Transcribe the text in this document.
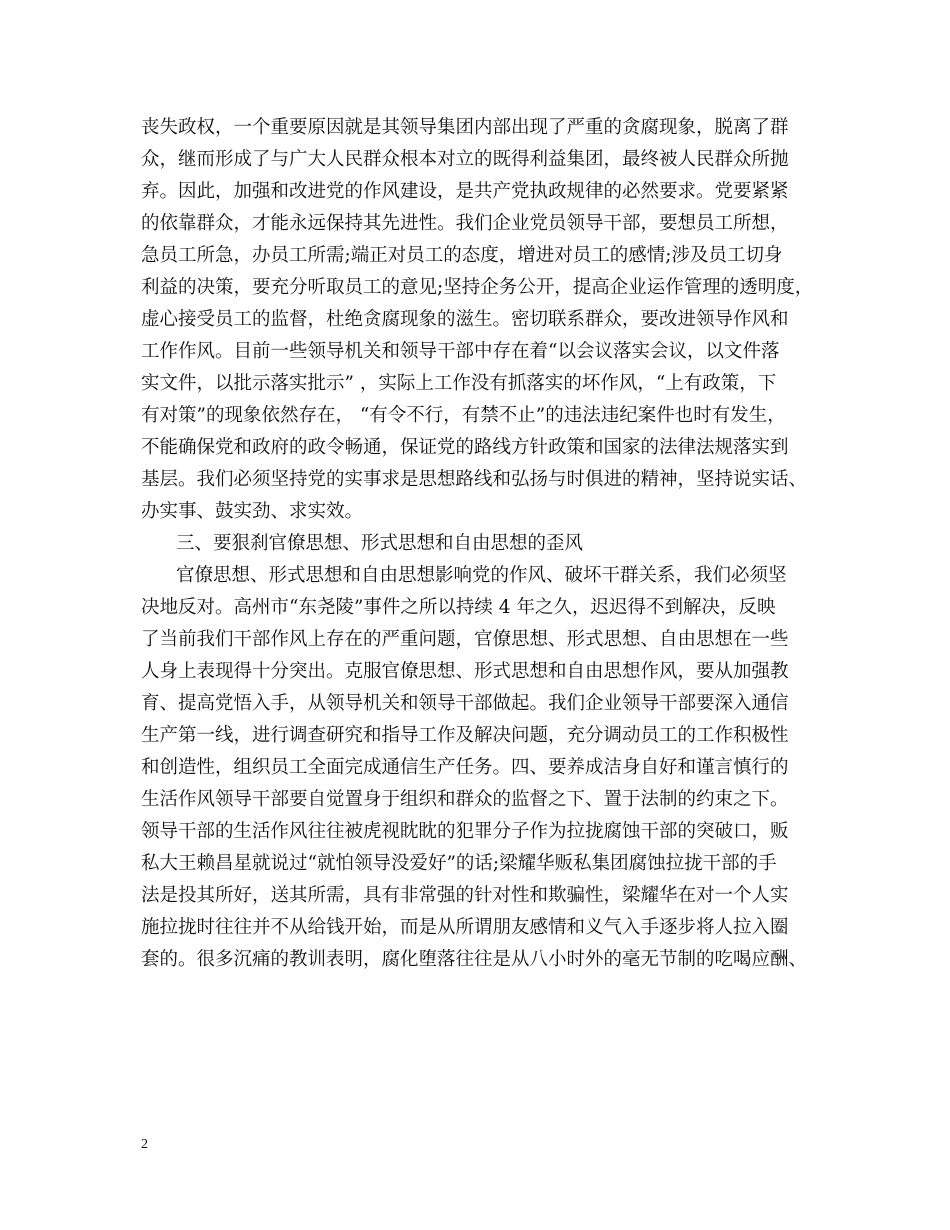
丧失政权，一个重要原因就是其领导集团内部出现了严重的贪腐现象，脱离了群
众，继而形成了与广大人民群众根本对立的既得利益集团，最终被人民群众所抛
弃。因此，加强和改进党的作风建设，是共产党执政规律的必然要求。党要紧紧
的依靠群众，才能永远保持其先进性。我们企业党员领导干部，要想员工所想，
急员工所急，办员工所需;端正对员工的态度，增进对员工的感情;涉及员工切身
利益的决策，要充分听取员工的意见;坚持企务公开，提高企业运作管理的透明度，
虚心接受员工的监督，杜绝贪腐现象的滋生。密切联系群众，要改进领导作风和
工作作风。目前一些领导机关和领导干部中存在着“以会议落实会议，以文件落
实文件，以批示落实批示” ，实际上工作没有抓落实的坏作风，“上有政策，下
有对策”的现象依然存在， “有令不行，有禁不止”的违法违纪案件也时有发生，
不能确保党和政府的政令畅通，保证党的路线方针政策和国家的法律法规落实到
基层。我们必须坚持党的实事求是思想路线和弘扬与时俱进的精神，坚持说实话、
办实事、鼓实劲、求实效。
三、要狠刹官僚思想、形式思想和自由思想的歪风
官僚思想、形式思想和自由思想影响党的作风、破坏干群关系，我们必须坚
决地反对。高州市“东尧陵”事件之所以持续 4 年之久，迟迟得不到解决，反映
了当前我们干部作风上存在的严重问题，官僚思想、形式思想、自由思想在一些
人身上表现得十分突出。克服官僚思想、形式思想和自由思想作风，要从加强教
育、提高党悟入手，从领导机关和领导干部做起。我们企业领导干部要深入通信
生产第一线，进行调查研究和指导工作及解决问题，充分调动员工的工作积极性
和创造性，组织员工全面完成通信生产任务。四、要养成洁身自好和谨言慎行的
生活作风领导干部要自觉置身于组织和群众的监督之下、置于法制的约束之下。
领导干部的生活作风往往被虎视眈眈的犯罪分子作为拉拢腐蚀干部的突破口，贩
私大王赖昌星就说过“就怕领导没爱好”的话;梁耀华贩私集团腐蚀拉拢干部的手
法是投其所好，送其所需，具有非常强的针对性和欺骗性，梁耀华在对一个人实
施拉拢时往往并不从给钱开始，而是从所谓朋友感情和义气入手逐步将人拉入圈
套的。很多沉痛的教训表明，腐化堕落往往是从八小时外的毫无节制的吃喝应酬、
2
